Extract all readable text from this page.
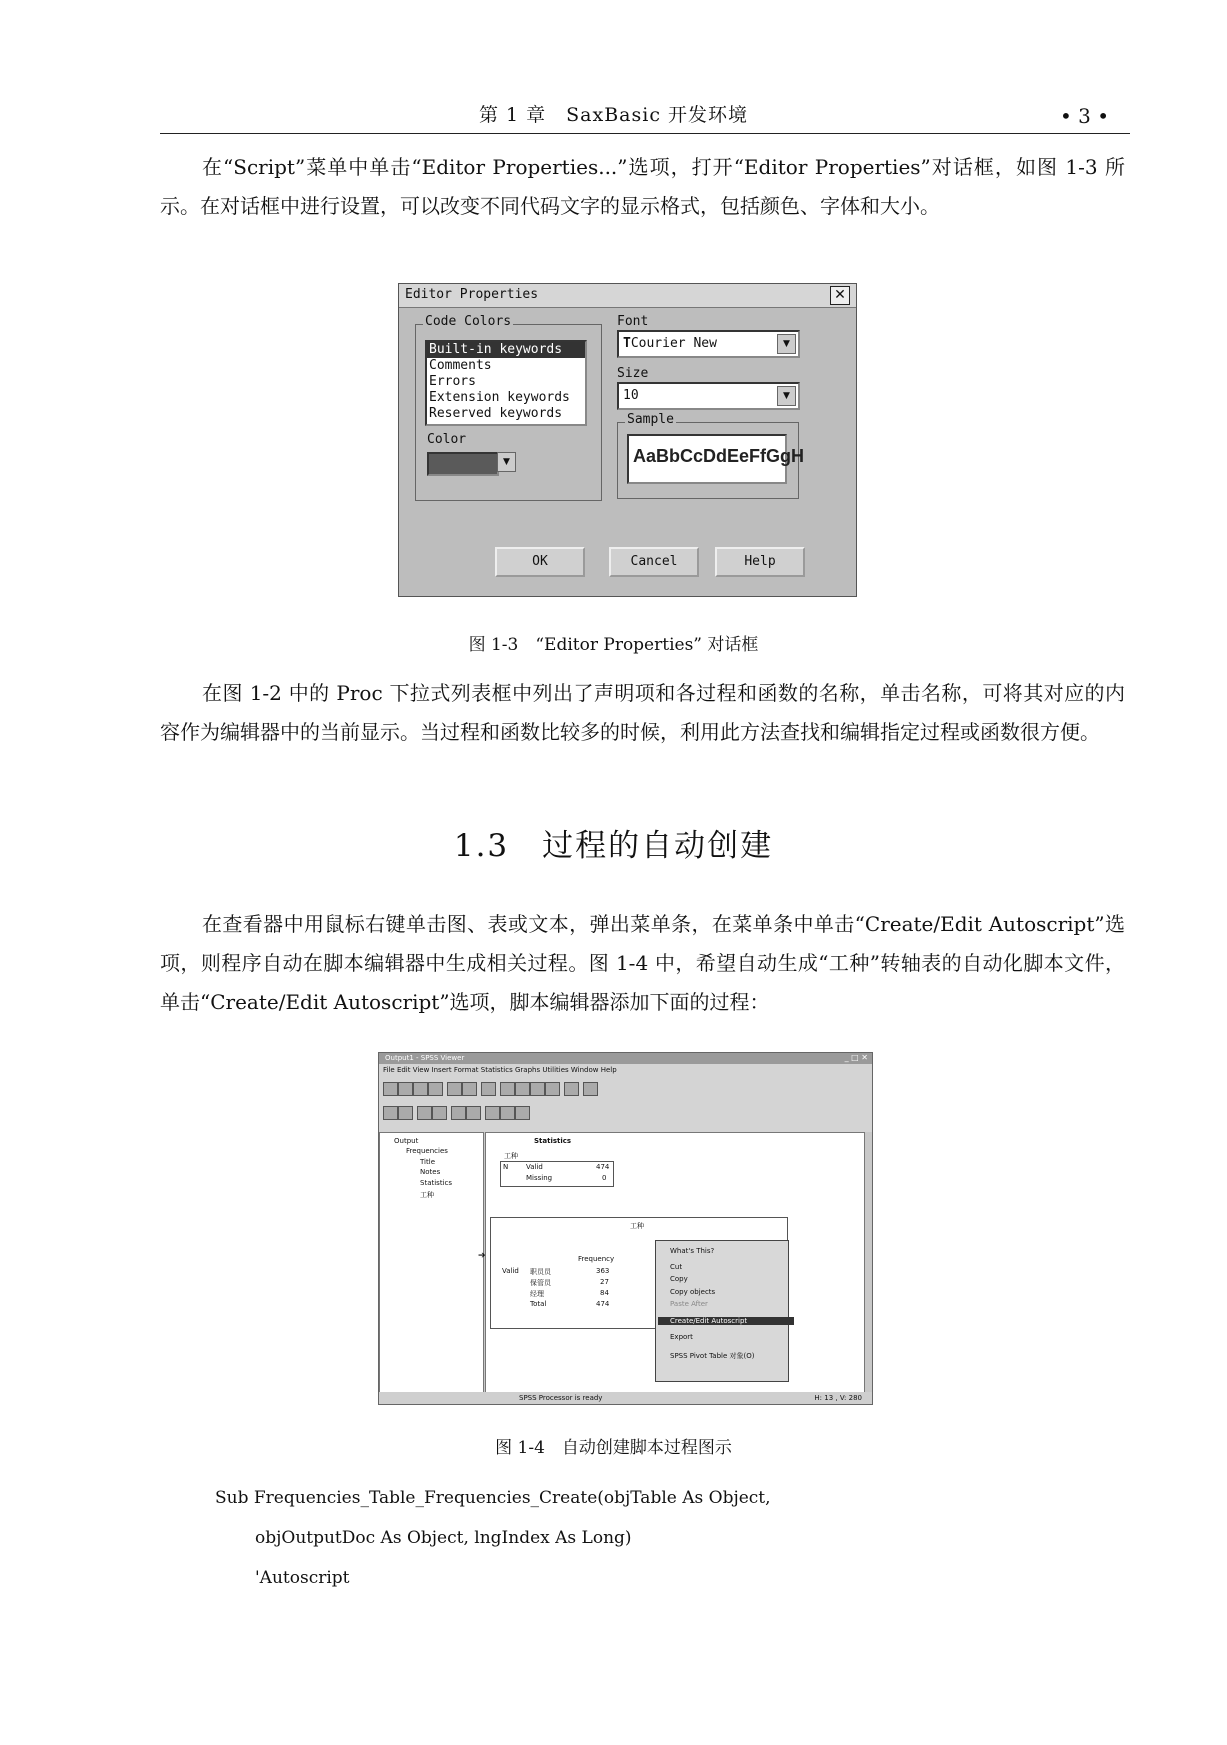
第 1 章　SaxBasic 开发环境	• 3 •
在“Script”菜单中单击“Editor Properties...”选项，打开“Editor Properties”对话框，如图 1-3 所示。在对话框中进行设置，可以改变不同代码文字的显示格式，包括颜色、字体和大小。
Editor Properties	✕
Code Colors
Built-in keywords
Comments
Errors
Extension keywords
Reserved keywords
Color
▼
Font
TCourier New	▼
Size
10	▼
Sample
AaBbCcDdEeFfGgH
OK	Cancel	Help
图 1-3　“Editor Properties” 对话框
在图 1-2 中的 Proc 下拉式列表框中列出了声明项和各过程和函数的名称，单击名称，可将其对应的内容作为编辑器中的当前显示。当过程和函数比较多的时候，利用此方法查找和编辑指定过程或函数很方便。
1.3　过程的自动创建
在查看器中用鼠标右键单击图、表或文本，弹出菜单条，在菜单条中单击“Create/Edit Autoscript”选项，则程序自动在脚本编辑器中生成相关过程。图 1-4 中，希望自动生成“工种”转轴表的自动化脚本文件，单击“Create/Edit Autoscript”选项，脚本编辑器添加下面的过程：
Output1 - SPSS Viewer	_ □ ✕
File Edit View Insert Format Statistics Graphs Utilities Window Help
Output
Frequencies
Title
Notes
Statistics
工种
Statistics
工种
N	Valid	474
Missing	0
➔
工种
Frequency
Valid 职员员	363
保管员	27
经理	84
Total	474
What's This?
Cut
Copy
Copy objects
Paste After
Create/Edit Autoscript
Export
SPSS Pivot Table 对象(O)
SPSS Processor is ready	H: 13 , V: 280
图 1-4　自动创建脚本过程图示
Sub Frequencies_Table_Frequencies_Create(objTable As Object,
objOutputDoc As Object, lngIndex As Long)
'Autoscript
